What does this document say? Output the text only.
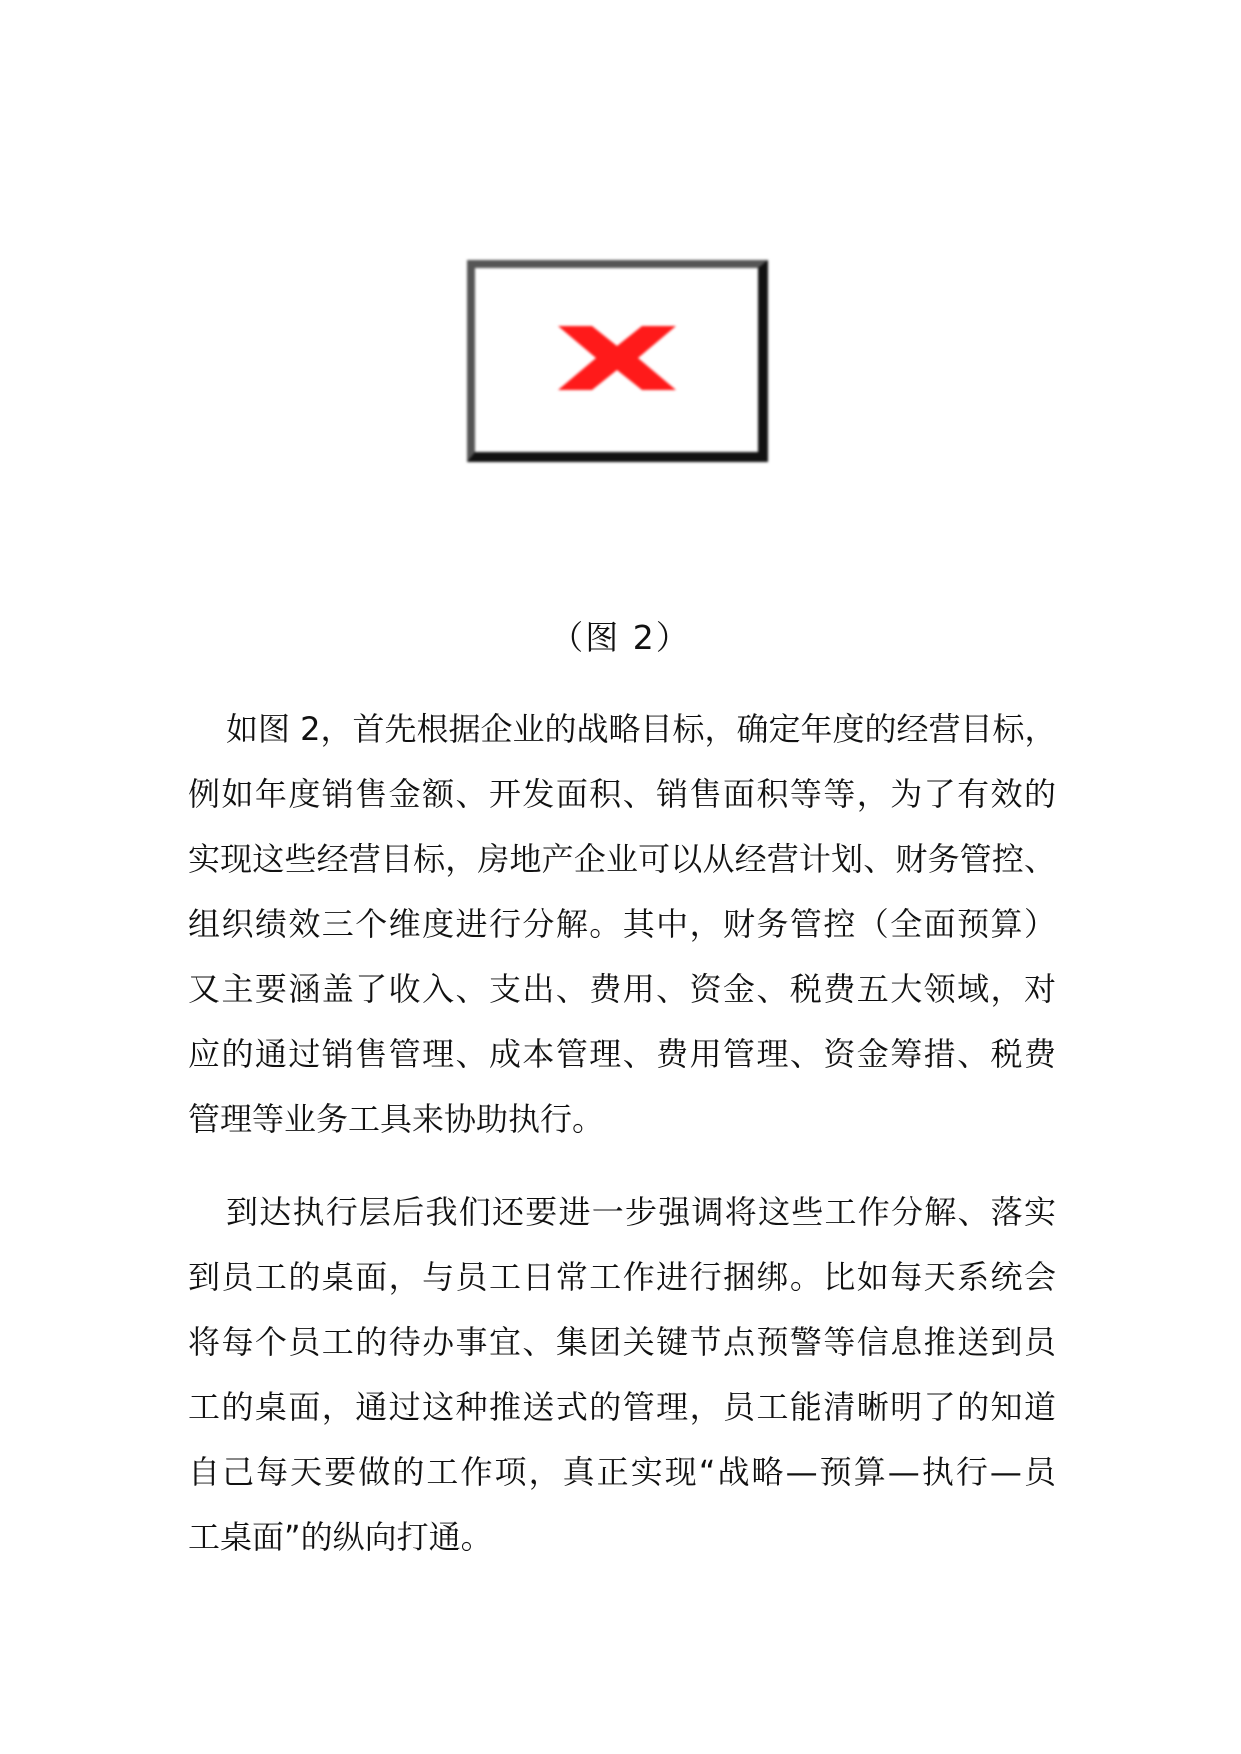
（图 2）
如图 2，首先根据企业的战略目标，确定年度的经营目标，
例如年度销售金额、开发面积、销售面积等等，为了有效的
实现这些经营目标，房地产企业可以从经营计划、财务管控、
组织绩效三个维度进行分解。其中，财务管控（全面预算）
又主要涵盖了收入、支出、费用、资金、税费五大领域，对
应的通过销售管理、成本管理、费用管理、资金筹措、税费
管理等业务工具来协助执行。
到达执行层后我们还要进一步强调将这些工作分解、落实
到员工的桌面，与员工日常工作进行捆绑。比如每天系统会
将每个员工的待办事宜、集团关键节点预警等信息推送到员
工的桌面，通过这种推送式的管理，员工能清晰明了的知道
自己每天要做的工作项，真正实现“战略—预算—执行—员
工桌面”的纵向打通。
